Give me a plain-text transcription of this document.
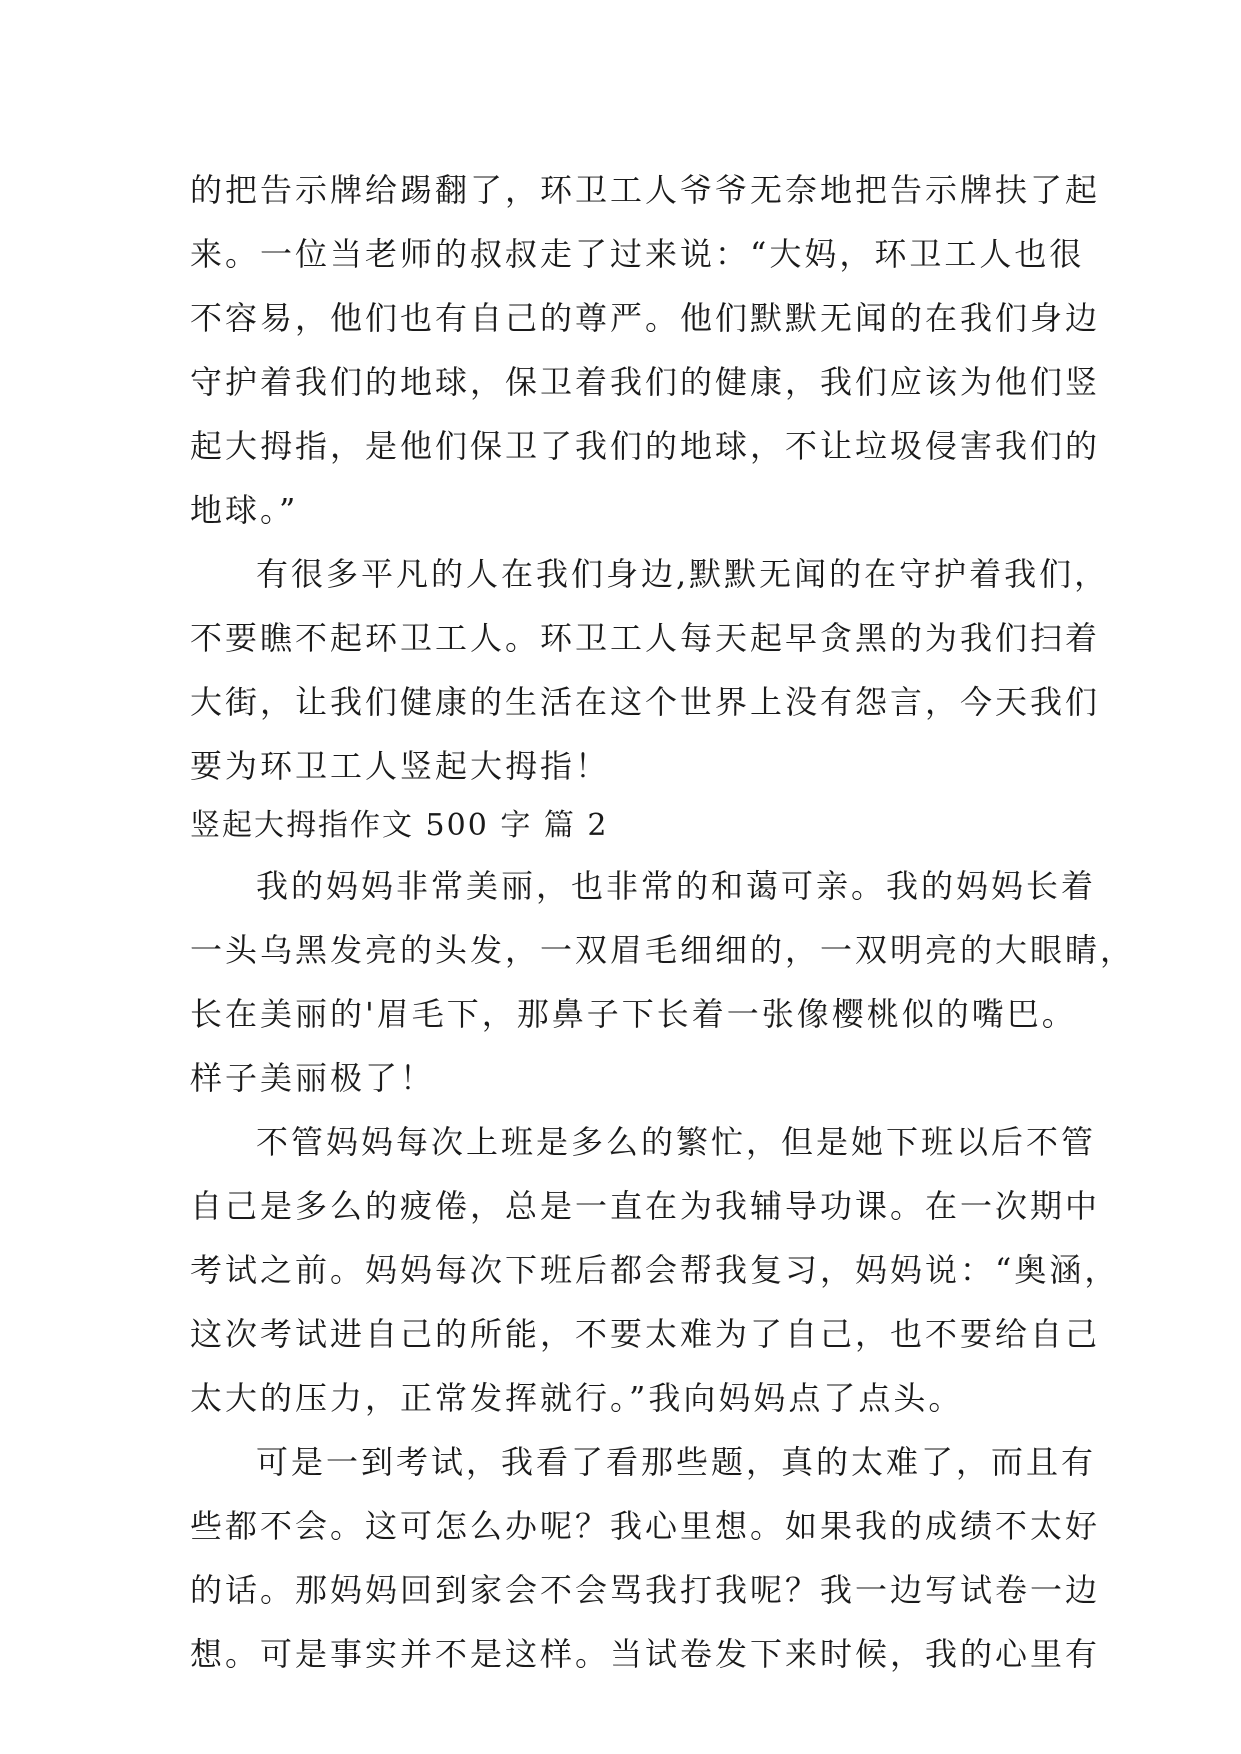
的把告示牌给踢翻了，环卫工人爷爷无奈地把告示牌扶了起
来。一位当老师的叔叔走了过来说：“大妈，环卫工人也很
不容易，他们也有自己的尊严。他们默默无闻的在我们身边
守护着我们的地球，保卫着我们的健康，我们应该为他们竖
起大拇指，是他们保卫了我们的地球，不让垃圾侵害我们的
地球。”
有很多平凡的人在我们身边,默默无闻的在守护着我们，
不要瞧不起环卫工人。环卫工人每天起早贪黑的为我们扫着
大街，让我们健康的生活在这个世界上没有怨言，今天我们
要为环卫工人竖起大拇指！
竖起大拇指作文 500 字 篇 2
我的妈妈非常美丽，也非常的和蔼可亲。我的妈妈长着
一头乌黑发亮的头发，一双眉毛细细的，一双明亮的大眼睛，
长在美丽的'眉毛下，那鼻子下长着一张像樱桃似的嘴巴。
样子美丽极了！
不管妈妈每次上班是多么的繁忙，但是她下班以后不管
自己是多么的疲倦，总是一直在为我辅导功课。在一次期中
考试之前。妈妈每次下班后都会帮我复习，妈妈说：“奥涵，
这次考试进自己的所能，不要太难为了自己，也不要给自己
太大的压力，正常发挥就行。”我向妈妈点了点头。
可是一到考试，我看了看那些题，真的太难了，而且有
些都不会。这可怎么办呢？我心里想。如果我的成绩不太好
的话。那妈妈回到家会不会骂我打我呢？我一边写试卷一边
想。可是事实并不是这样。当试卷发下来时候，我的心里有
